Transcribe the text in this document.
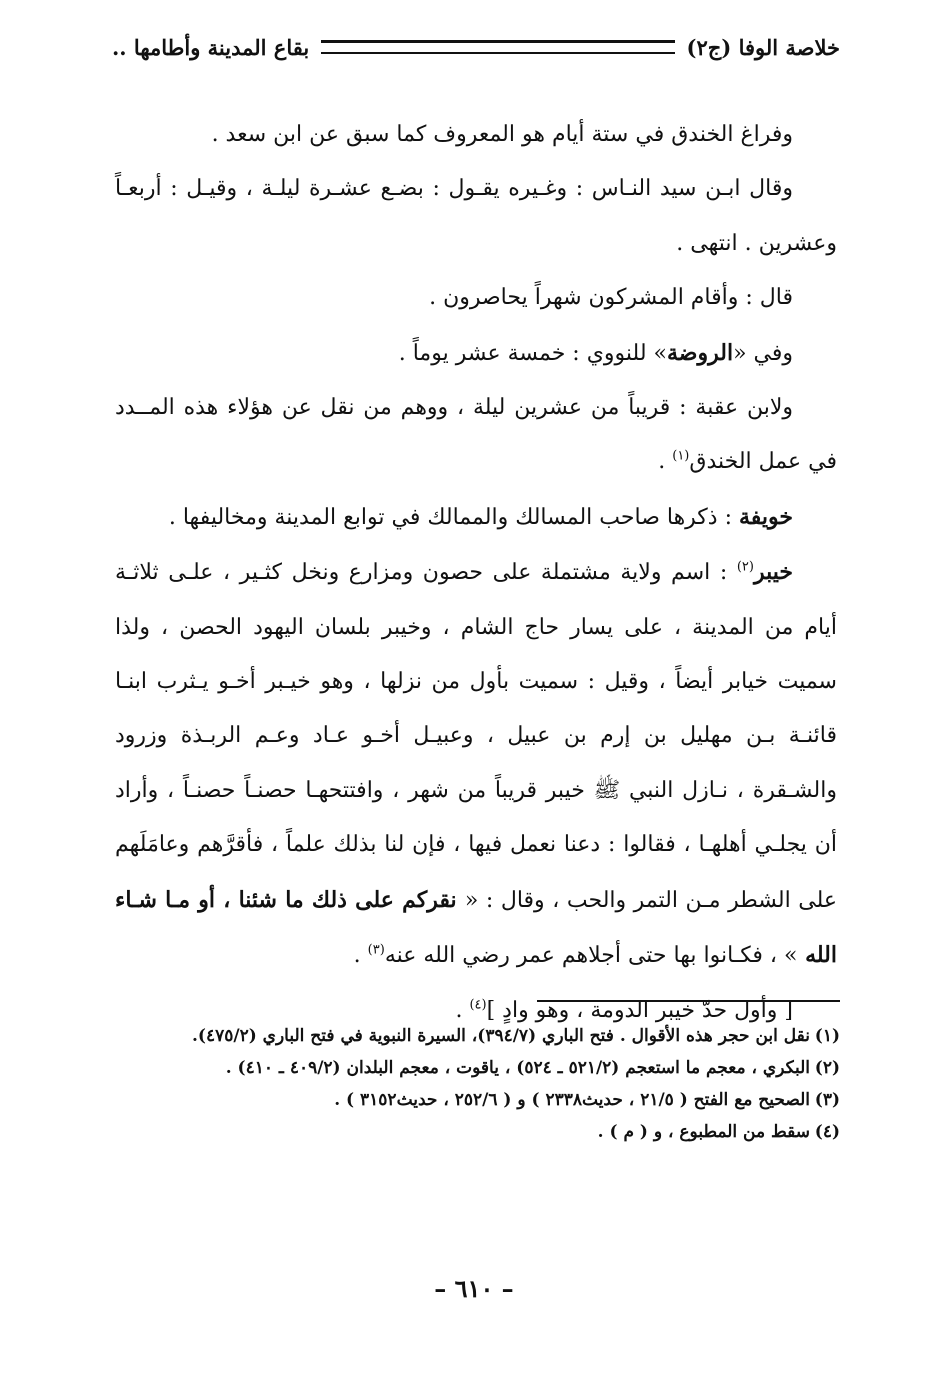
خلاصة الوفا (ج٢)
بقاع المدينة وأطامها ..

وفراغ الخندق في ستة أيام هو المعروف كما سبق عن ابن سعد .

وقال ابـن سيد النـاس : وغـيره يقـول : بضـع عشـرة ليلـة ، وقيـل : أربعـاً وعشرين . انتهى .

قال : وأقام المشركون شهراً يحاصرون .

وفي «الروضة» للنووي : خمسة عشر يوماً .

ولابن عقبة : قريباً من عشرين ليلة ، ووهم من نقل عن هؤلاء هذه المــدد في عمل الخندق$^{(١)}$ .

خويفة : ذكرها صاحب المسالك والممالك في توابع المدينة ومخاليفها .

خيبر$^{(٢)}$ : اسم ولاية مشتملة على حصون ومزارع ونخل كثـير ، علـى ثلاثـة أيام من المدينة ، على يسار حاج الشام ، وخيبر بلسان اليهود الحصن ، ولذا سميت خيابر أيضاً ، وقيل : سميت بأول من نزلها ، وهو خيـبر أخـو يـثرب ابنـا قائنـة بـن مهليل بن إرم بن عبيل ، وعبيـل أخـو عـاد وعـم الربـذة وزرود والشـقرة ، نـازل النبي ﷺ خيبر قريباً من شهر ، وافتتحهـا حصنـاً حصنـاً ، وأراد أن يجلـي أهلهـا ، فقالوا : دعنا نعمل فيها ، فإن لنا بذلك علماً ، فأقرَّهم وعامَلَهم على الشطر مـن التمر والحب ، وقال : « نقركم على ذلك ما شئنا ، أو مـا شـاء الله » ، فكـانوا بها حتى أجلاهم عمر رضي الله عنه$^{(٣)}$ .

[ وأول حدّ خيبر الدومة ، وهو وادٍ ]$^{(٤)}$ .

(١)نقل ابن حجر هذه الأقوال . فتح الباري (٣٩٤/٧)، السيرة النبوية في فتح الباري (٤٧٥/٢).
(٢)البكري ، معجم ما استعجم (٥٢١/٢ ـ ٥٢٤) ، ياقوت ، معجم البلدان (٤٠٩/٢ ـ ٤١٠) .
(٣)الصحيح مع الفتح ( ٢١/٥ ، حديث٢٣٣٨ ) و ( ٢٥٢/٦ ، حديث٣١٥٢ ) .
(٤)سقط من المطبوع ، و ( م ) .
– ٦١٠ –
